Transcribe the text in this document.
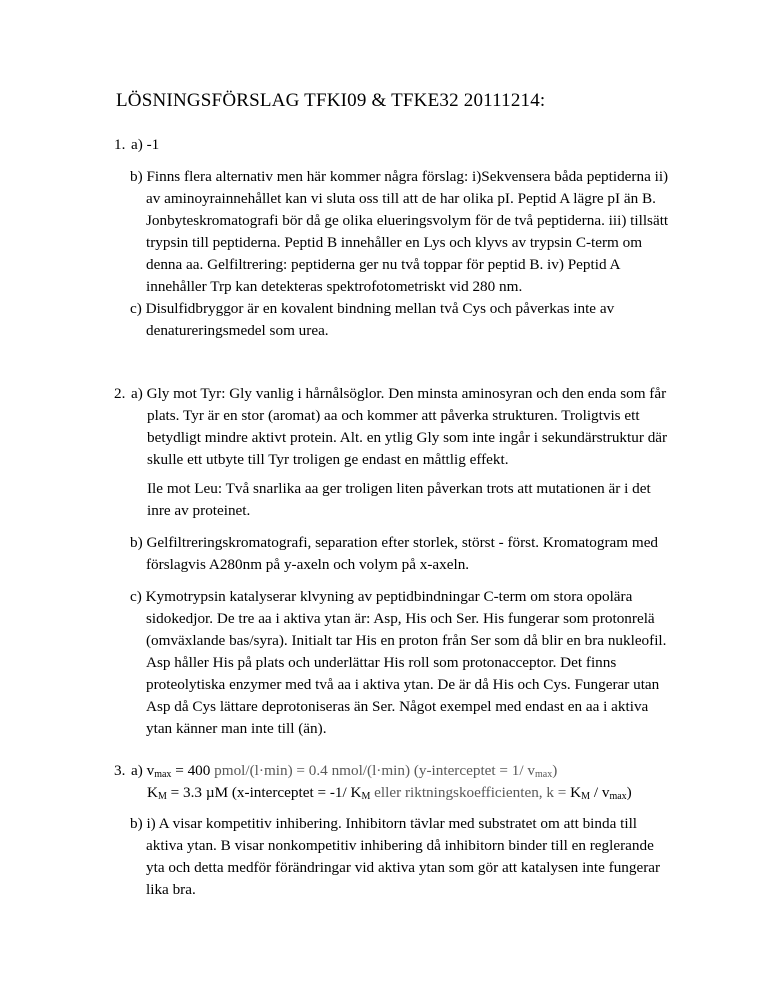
LÖSNINGSFÖRSLAG TFKI09 & TFKE32 20111214:
1. a) -1

b) Finns flera alternativ men här kommer några förslag: i)Sekvensera båda peptiderna ii) av aminoyrainnehållet kan vi sluta oss till att de har olika pI. Peptid A lägre pI än B. Jonbyteskromatografi bör då ge olika elueringsvolym för de två peptiderna. iii) tillsätt trypsin till peptiderna. Peptid B innehåller en Lys och klyvs av trypsin C-term om denna aa. Gelfiltrering: peptiderna ger nu två toppar för peptid B. iv) Peptid A innehåller Trp kan detekteras spektrofotometriskt vid 280 nm.

c) Disulfidbryggor är en kovalent bindning mellan två Cys och påverkas inte av denatureringsmedel som urea.

2. a) Gly mot Tyr: Gly vanlig i hårnålsöglor. Den minsta aminosyran och den enda som får plats. Tyr är en stor (aromat) aa och kommer att påverka strukturen. Troligtvis ett betydligt mindre aktivt protein. Alt. en ytlig Gly som inte ingår i sekundärstruktur där skulle ett utbyte till Tyr troligen ge endast en måttlig effekt.

Ile mot Leu: Två snarlika aa ger troligen liten påverkan trots att mutationen är i det inre av proteinet.

b) Gelfiltreringskromatografi, separation efter storlek, störst - först. Kromatogram med förslagvis A280nm på y-axeln och volym på x-axeln.

c) Kymotrypsin katalyserar klvyning av peptidbindningar C-term om stora opolära sidokedjor. De tre aa i aktiva ytan är: Asp, His och Ser. His fungerar som protonrelä (omväxlande bas/syra). Initialt tar His en proton från Ser som då blir en bra nukleofil. Asp håller His på plats och underlättar His roll som protonacceptor. Det finns proteolytiska enzymer med två aa i aktiva ytan. De är då His och Cys. Fungerar utan Asp då Cys lättare deprotoniseras än Ser. Något exempel med endast en aa i aktiva ytan känner man inte till (än).

3. a) $v_{max} = 400$ pmol/(l·min) = 0.4 nmol/(l·min) (y-interceptet = 1/ $v_{max}$)
$K_M = 3.3$ µM (x-interceptet = -1/ $K_M$ eller riktningskoefficienten, $k = K_M / v_{max}$)

b) i) A visar kompetitiv inhibering. Inhibitorn tävlar med substratet om att binda till aktiva ytan. B visar nonkompetitiv inhibering då inhibitorn binder till en reglerande yta och detta medför förändringar vid aktiva ytan som gör att katalysen inte fungerar lika bra.
